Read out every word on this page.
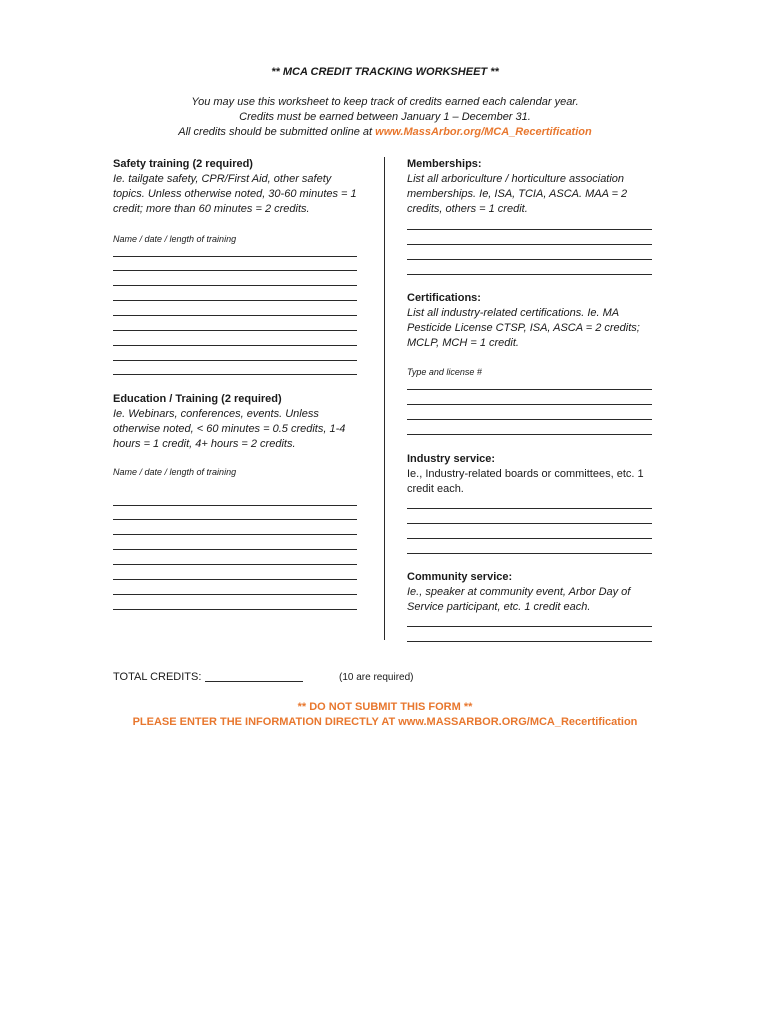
** MCA CREDIT TRACKING WORKSHEET **
You may use this worksheet to keep track of credits earned each calendar year.
Credits must be earned between January 1 – December 31.
All credits should be submitted online at www.MassArbor.org/MCA_Recertification
Safety training (2 required)
Ie. tailgate safety, CPR/First Aid, other safety topics. Unless otherwise noted, 30-60 minutes = 1 credit; more than 60 minutes = 2 credits.
Name / date / length of training
Education / Training (2 required)
Ie. Webinars, conferences, events. Unless otherwise noted, < 60 minutes = 0.5 credits, 1-4 hours = 1 credit, 4+ hours = 2 credits.
Name / date / length of training
Memberships:
List all arboriculture / horticulture association memberships. Ie, ISA, TCIA, ASCA. MAA = 2 credits, others = 1 credit.
Certifications:
List all industry-related certifications. Ie. MA Pesticide License CTSP, ISA, ASCA = 2 credits; MCLP, MCH = 1 credit.
Type and license #
Industry service:
Ie., Industry-related boards or committees, etc. 1 credit each.
Community service:
Ie., speaker at community event, Arbor Day of Service participant, etc. 1 credit each.
TOTAL CREDITS:	(10 are required)
** DO NOT SUBMIT THIS FORM **
PLEASE ENTER THE INFORMATION DIRECTLY AT www.MASSARBOR.ORG/MCA_Recertification
